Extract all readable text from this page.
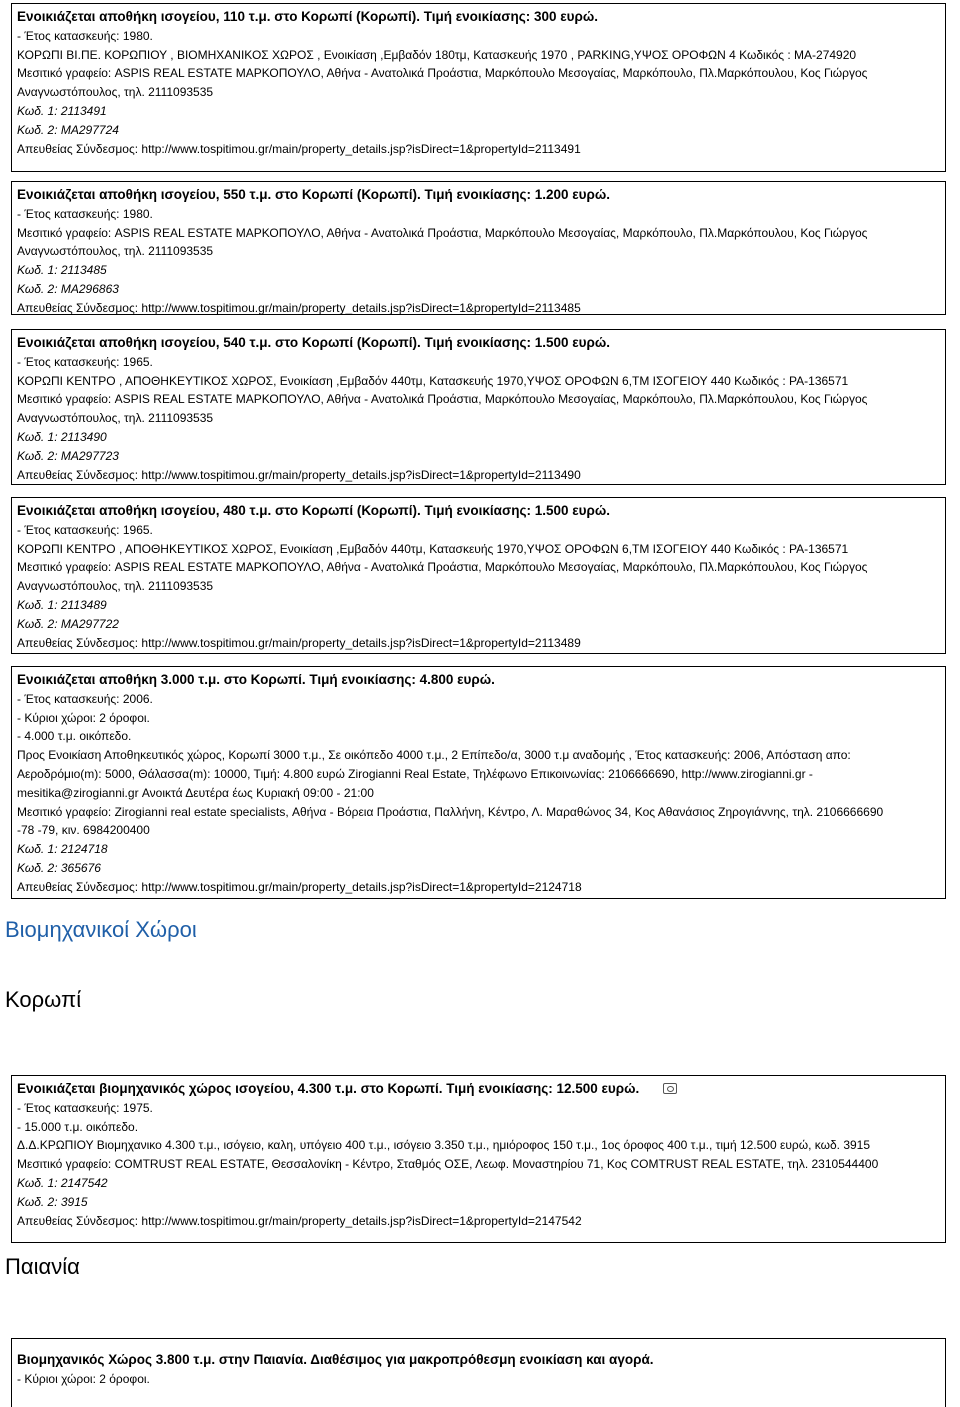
Ενοικιάζεται αποθήκη ισογείου, 110 τ.μ. στο Κορωπί (Κορωπί). Τιμή ενοικίασης: 300 ευρώ.
- Έτος κατασκευής: 1980.
ΚΟΡΩΠΙ ΒΙ.ΠΕ. ΚΟΡΩΠΙΟΥ , ΒΙΟΜΗΧΑΝΙΚΟΣ ΧΩΡΟΣ , Ενοικίαση ,Εμβαδόν 180τμ, Κατασκευής 1970 , PARKING,ΥΨΟΣ ΟΡΟΦΩΝ 4 Κωδικός : ΜΑ-274920
Μεσιτικό γραφείο: ASPIS REAL ESTATE ΜΑΡΚΟΠΟΥΛΟ, Αθήνα - Ανατολικά Προάστια, Μαρκόπουλο Μεσογαίας, Μαρκόπουλο, Πλ.Μαρκόπουλου, Κος Γιώργος
Αναγνωστόπουλος, τηλ. 2111093535
Κωδ. 1: 2113491
Κωδ. 2: ΜΑ297724
Απευθείας Σύνδεσμος: http://www.tospitimou.gr/main/property_details.jsp?isDirect=1&propertyId=2113491
Ενοικιάζεται αποθήκη ισογείου, 550 τ.μ. στο Κορωπί (Κορωπί). Τιμή ενοικίασης: 1.200 ευρώ.
- Έτος κατασκευής: 1980.
Μεσιτικό γραφείο: ASPIS REAL ESTATE ΜΑΡΚΟΠΟΥΛΟ, Αθήνα - Ανατολικά Προάστια, Μαρκόπουλο Μεσογαίας, Μαρκόπουλο, Πλ.Μαρκόπουλου, Κος Γιώργος
Αναγνωστόπουλος, τηλ. 2111093535
Κωδ. 1: 2113485
Κωδ. 2: ΜΑ296863
Απευθείας Σύνδεσμος: http://www.tospitimou.gr/main/property_details.jsp?isDirect=1&propertyId=2113485
Ενοικιάζεται αποθήκη ισογείου, 540 τ.μ. στο Κορωπί (Κορωπί). Τιμή ενοικίασης: 1.500 ευρώ.
- Έτος κατασκευής: 1965.
ΚΟΡΩΠΙ ΚΕΝΤΡΟ , ΑΠΟΘΗΚΕΥΤΙΚΟΣ ΧΩΡΟΣ, Ενοικίαση ,Εμβαδόν 440τμ, Κατασκευής 1970,ΥΨΟΣ ΟΡΟΦΩΝ 6,ΤΜ ΙΣΟΓΕΙΟΥ 440 Κωδικός : ΡΑ-136571
Μεσιτικό γραφείο: ASPIS REAL ESTATE ΜΑΡΚΟΠΟΥΛΟ, Αθήνα - Ανατολικά Προάστια, Μαρκόπουλο Μεσογαίας, Μαρκόπουλο, Πλ.Μαρκόπουλου, Κος Γιώργος
Αναγνωστόπουλος, τηλ. 2111093535
Κωδ. 1: 2113490
Κωδ. 2: ΜΑ297723
Απευθείας Σύνδεσμος: http://www.tospitimou.gr/main/property_details.jsp?isDirect=1&propertyId=2113490
Ενοικιάζεται αποθήκη ισογείου, 480 τ.μ. στο Κορωπί (Κορωπί). Τιμή ενοικίασης: 1.500 ευρώ.
- Έτος κατασκευής: 1965.
ΚΟΡΩΠΙ ΚΕΝΤΡΟ , ΑΠΟΘΗΚΕΥΤΙΚΟΣ ΧΩΡΟΣ, Ενοικίαση ,Εμβαδόν 440τμ, Κατασκευής 1970,ΥΨΟΣ ΟΡΟΦΩΝ 6,ΤΜ ΙΣΟΓΕΙΟΥ 440 Κωδικός : ΡΑ-136571
Μεσιτικό γραφείο: ASPIS REAL ESTATE ΜΑΡΚΟΠΟΥΛΟ, Αθήνα - Ανατολικά Προάστια, Μαρκόπουλο Μεσογαίας, Μαρκόπουλο, Πλ.Μαρκόπουλου, Κος Γιώργος
Αναγνωστόπουλος, τηλ. 2111093535
Κωδ. 1: 2113489
Κωδ. 2: ΜΑ297722
Απευθείας Σύνδεσμος: http://www.tospitimou.gr/main/property_details.jsp?isDirect=1&propertyId=2113489
Ενοικιάζεται αποθήκη 3.000 τ.μ. στο Κορωπί. Τιμή ενοικίασης: 4.800 ευρώ.
- Έτος κατασκευής: 2006.
- Κύριοι χώροι: 2 όροφοι.
- 4.000 τ.μ. οικόπεδο.
Προς Ενοικίαση Αποθηκευτικός χώρος, Κορωπί 3000 τ.μ., Σε οικόπεδο 4000 τ.μ., 2 Επίπεδο/α, 3000 τ.μ αναδομής , Έτος κατασκευής: 2006, Απόσταση απο:
Αεροδρόμιο(m): 5000, Θάλασσα(m): 10000, Τιμή: 4.800 ευρώ Zirogianni Real Estate, Τηλέφωνο Επικοινωνίας: 2106666690, http://www.zirogianni.gr -
mesitika@zirogianni.gr Ανοικτά Δευτέρα έως Κυριακή 09:00 - 21:00
Μεσιτικό γραφείο: Zirogianni real estate specialists, Αθήνα - Βόρεια Προάστια, Παλλήνη, Κέντρο, Λ. Μαραθώνος 34, Κος Αθανάσιος Ζηρογιάννης, τηλ. 2106666690
-78 -79, κιν. 6984200400
Κωδ. 1: 2124718
Κωδ. 2: 365676
Απευθείας Σύνδεσμος: http://www.tospitimou.gr/main/property_details.jsp?isDirect=1&propertyId=2124718
Βιομηχανικοί Χώροι
Κορωπί
Ενοικιάζεται βιομηχανικός χώρος ισογείου, 4.300 τ.μ. στο Κορωπί. Τιμή ενοικίασης: 12.500 ευρώ.
- Έτος κατασκευής: 1975.
- 15.000 τ.μ. οικόπεδο.
Δ.Δ.ΚΡΩΠΙΟΥ Βιομηχανικο 4.300 τ.μ., ισόγειο, καλη, υπόγειο 400 τ.μ., ισόγειο 3.350 τ.μ., ημιόροφος 150 τ.μ., 1ος όροφος 400 τ.μ., τιμή 12.500 ευρώ, κωδ. 3915
Μεσιτικό γραφείο: COMTRUST REAL ESTATE, Θεσσαλονίκη - Κέντρο, Σταθμός ΟΣΕ, Λεωφ. Μοναστηρίου 71, Κος COMTRUST REAL ESTATE, τηλ. 2310544400
Κωδ. 1: 2147542
Κωδ. 2: 3915
Απευθείας Σύνδεσμος: http://www.tospitimou.gr/main/property_details.jsp?isDirect=1&propertyId=2147542
Παιανία
Βιομηχανικός Χώρος 3.800 τ.μ. στην Παιανία. Διαθέσιμος για μακροπρόθεσμη ενοικίαση και αγορά.
- Κύριοι χώροι: 2 όροφοι.
